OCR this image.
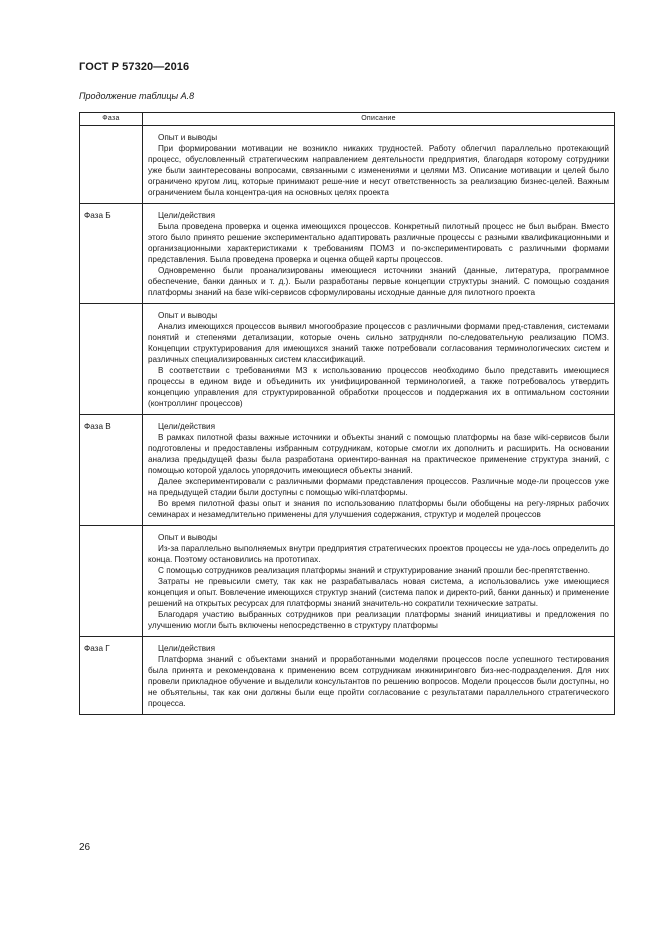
ГОСТ Р 57320—2016
Продолжение таблицы А.8
Фаза	Описание

	Опыт и выводы

При формировании мотивации не возникло никаких трудностей. Работу облегчил параллельно протекающий процесс, обусловленный стратегическим направлением деятельности предприятия, благодаря которому сотрудники уже были заинтересованы вопросами, связанными с изменениями и целями МЗ. Описание мотивации и целей было ограничено кругом лиц, которые принимают реше-ние и несут ответственность за реализацию бизнес-целей. Важным ограничением была концентра-ция на основных целях проекта

Фаза Б	Цели/действия

Была проведена проверка и оценка имеющихся процессов. Конкретный пилотный процесс не был выбран. Вместо этого было принято решение экспериментально адаптировать различные процессы с разными квалификационными и организационными характеристиками к требованиям ПОМЗ и по-экспериментировать с различными формами представления. Была проведена проверка и оценка общей карты процессов.

Одновременно были проанализированы имеющиеся источники знаний (данные, литература, программное обеспечение, банки данных и т. д.). Были разработаны первые концепции структуры знаний. С помощью создания платформы знаний на базе wiki-сервисов сформулированы исходные данные для пилотного проекта

	Опыт и выводы

Анализ имеющихся процессов выявил многообразие процессов с различными формами пред-ставления, системами понятий и степенями детализации, которые очень сильно затрудняли по-следовательную реализацию ПОМЗ. Концепции структурирования для имеющихся знаний также потребовали согласования терминологических систем и различных специализированных систем классификаций.

В соответствии с требованиями МЗ к использованию процессов необходимо было представить имеющиеся процессы в едином виде и объединить их унифицированной терминологией, а также потребовалось утвердить концепцию управления для структурированной обработки процессов и поддержания их в оптимальном состоянии (контроллинг процессов)

Фаза В	Цели/действия

В рамках пилотной фазы важные источники и объекты знаний с помощью платформы на базе wiki-сервисов были подготовлены и предоставлены избранным сотрудникам, которые смогли их дополнить и расширить. На основании анализа предыдущей фазы была разработана ориентиро-ванная на практическое применение структура знаний, с помощью которой удалось упорядочить имеющиеся объекты знаний.

Далее экспериментировали с различными формами представления процессов. Различные моде-ли процессов уже на предыдущей стадии были доступны с помощью wiki-платформы.

Во время пилотной фазы опыт и знания по использованию платформы были обобщены на регу-лярных рабочих семинарах и незамедлительно применены для улучшения содержания, структур и моделей процессов

	Опыт и выводы

Из-за параллельно выполняемых внутри предприятия стратегических проектов процессы не уда-лось определить до конца. Поэтому остановились на прототипах.

С помощью сотрудников реализация платформы знаний и структурирование знаний прошли бес-препятственно.

Затраты не превысили смету, так как не разрабатывалась новая система, а использовались уже имеющиеся концепция и опыт. Вовлечение имеющихся структур знаний (система папок и директо-рий, банки данных) и применение решений на открытых ресурсах для платформы знаний значитель-но сократили технические затраты.

Благодаря участию выбранных сотрудников при реализации платформы знаний инициативы и предложения по улучшению могли быть включены непосредственно в структуру платформы

Фаза Г	Цели/действия

Платформа знаний с объектами знаний и проработанными моделями процессов после успешного тестирования была принята и рекомендована к применению всем сотрудникам инжиниринговго биз-нес-подразделения. Для них провели прикладное обучение и выделили консультантов по решению вопросов. Модели процессов были доступны, но не объятельны, так как они должны были еще пройти согласование с результатами параллельного стратегического процесса.

26
